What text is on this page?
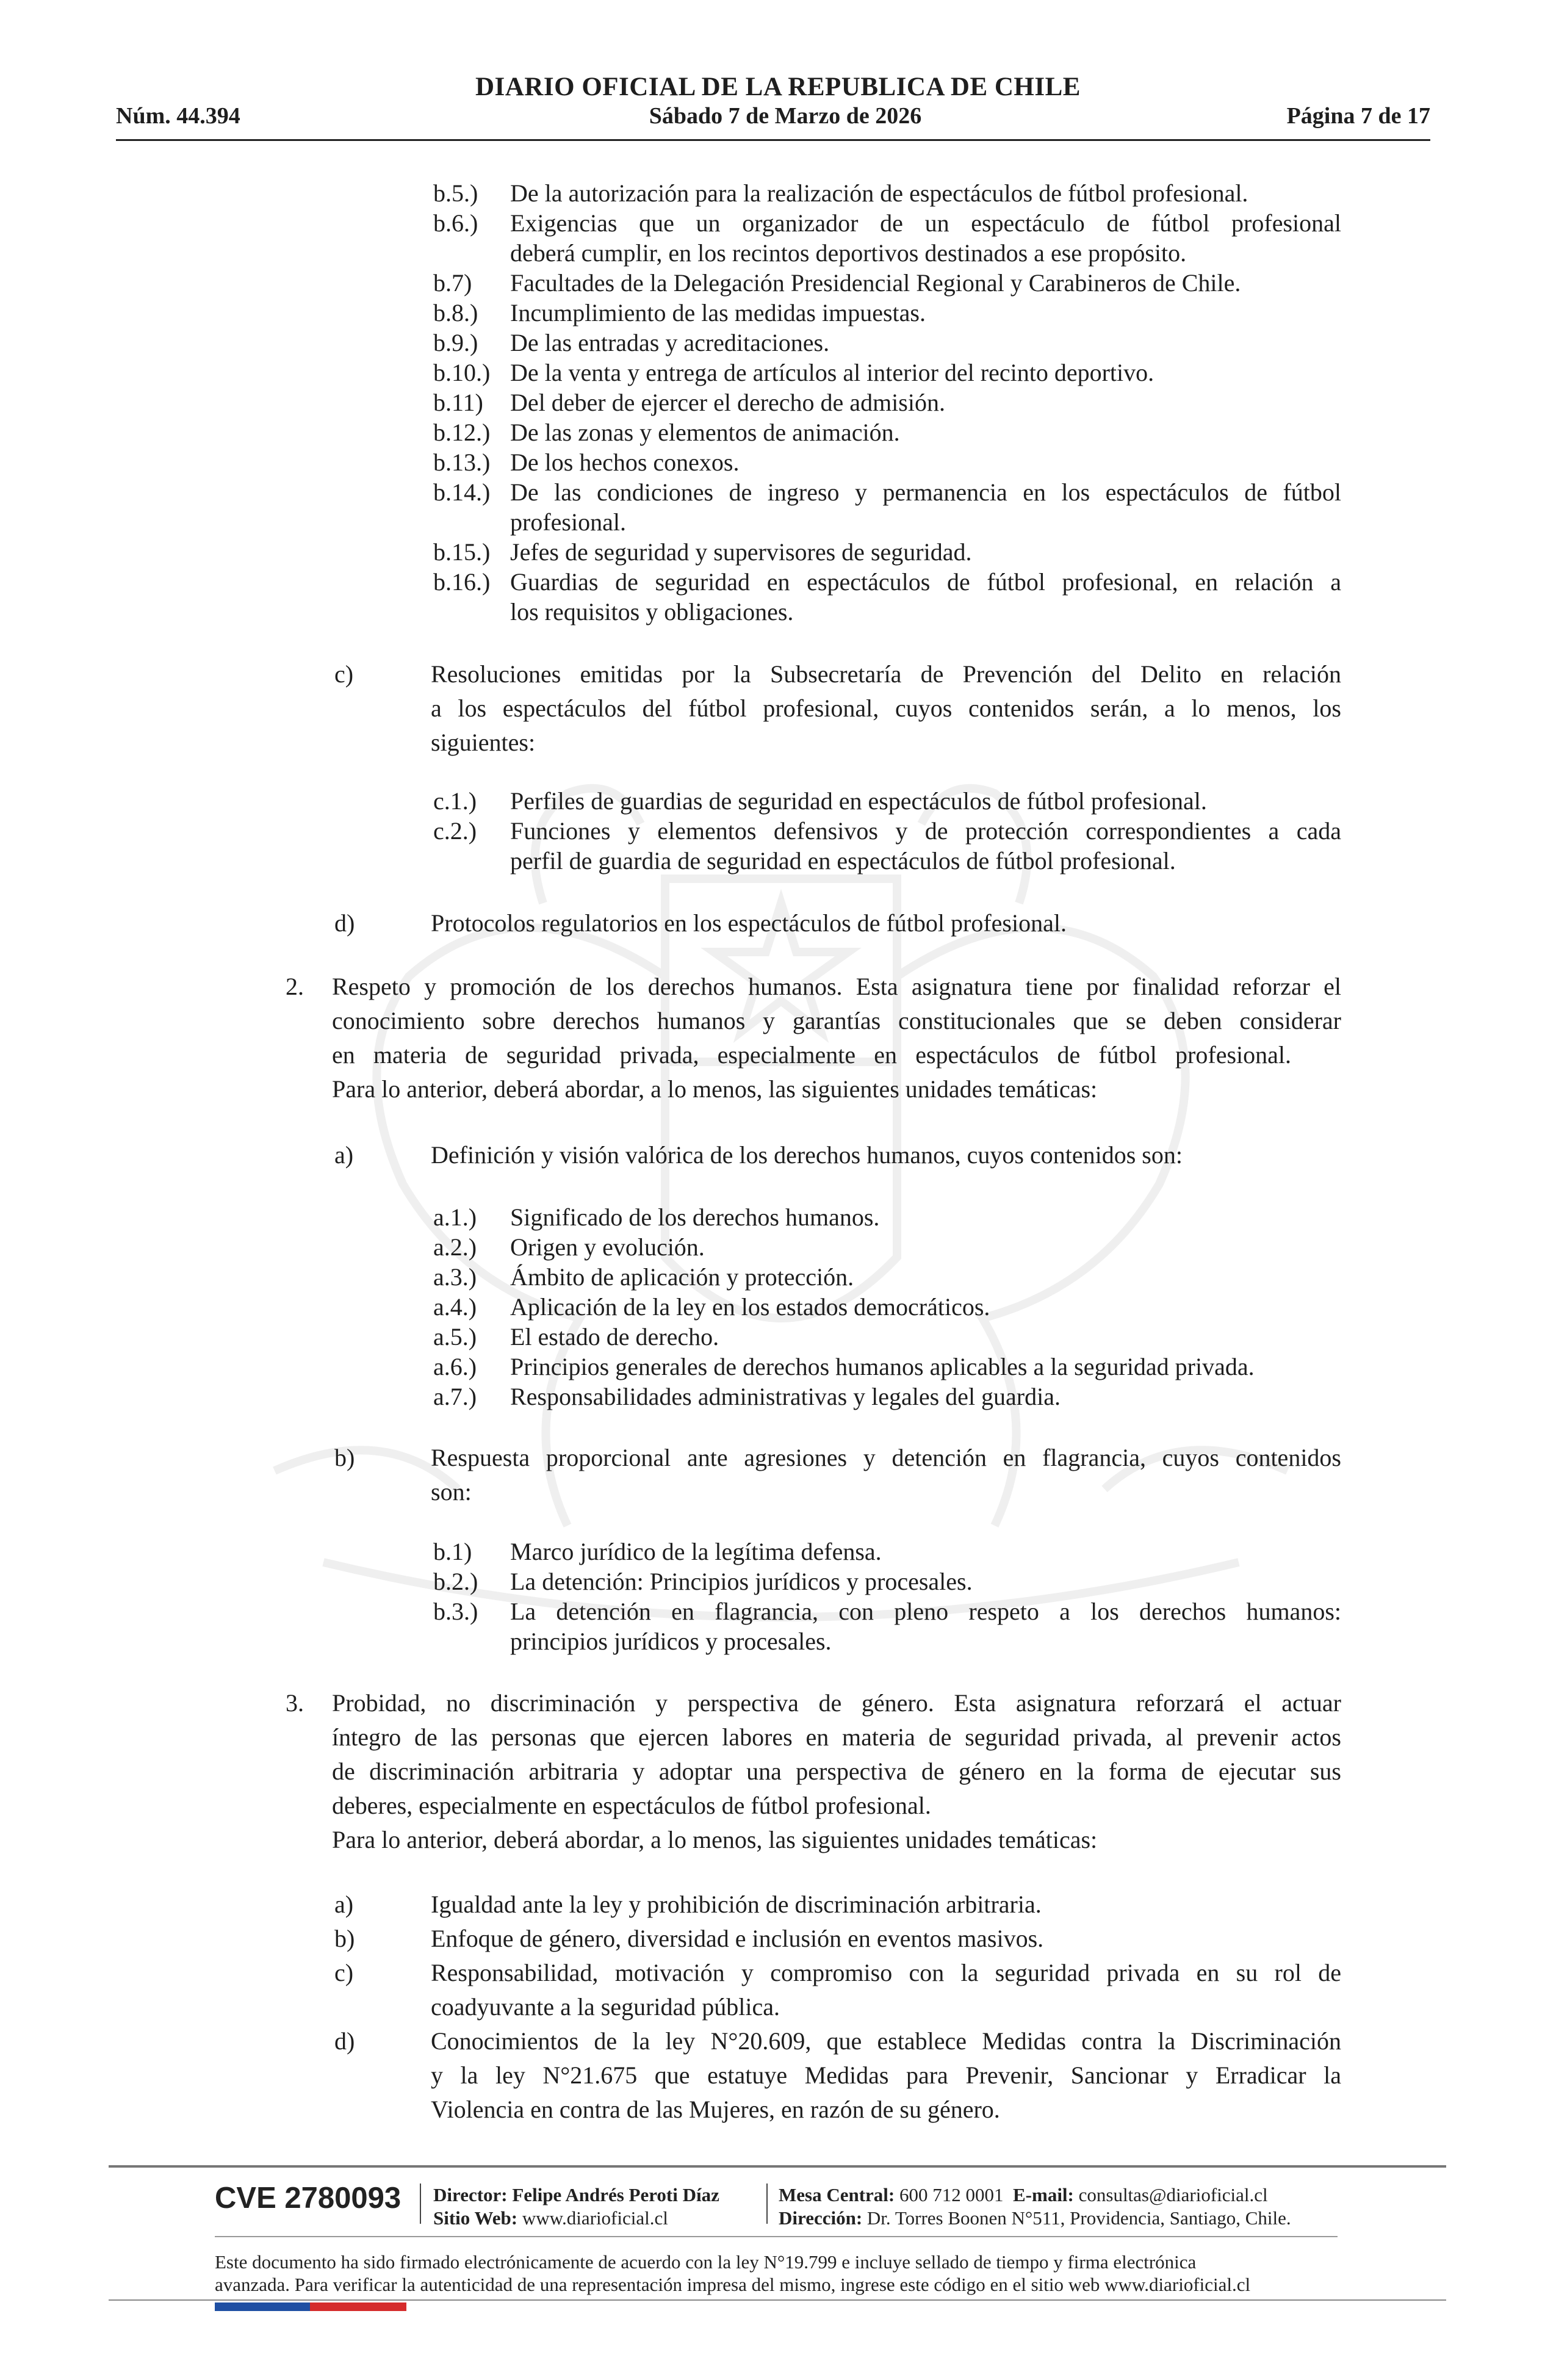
DIARIO OFICIAL DE LA REPUBLICA DE CHILE
Núm. 44.394	Sábado 7 de Marzo de 2026	Página 7 de 17
b.5.) De la autorización para la realización de espectáculos de fútbol profesional.
b.6.) Exigencias que un organizador de un espectáculo de fútbol profesional
deberá cumplir, en los recintos deportivos destinados a ese propósito.
b.7) Facultades de la Delegación Presidencial Regional y Carabineros de Chile.
b.8.) Incumplimiento de las medidas impuestas.
b.9.) De las entradas y acreditaciones.
b.10.) De la venta y entrega de artículos al interior del recinto deportivo.
b.11) Del deber de ejercer el derecho de admisión.
b.12.) De las zonas y elementos de animación.
b.13.) De los hechos conexos.
b.14.) De las condiciones de ingreso y permanencia en los espectáculos de fútbol
profesional.
b.15.) Jefes de seguridad y supervisores de seguridad.
b.16.) Guardias de seguridad en espectáculos de fútbol profesional, en relación a
los requisitos y obligaciones.
c)	Resoluciones emitidas por la Subsecretaría de Prevención del Delito en relación
a los espectáculos del fútbol profesional, cuyos contenidos serán, a lo menos, los
siguientes:
c.1.) Perfiles de guardias de seguridad en espectáculos de fútbol profesional.
c.2.) Funciones y elementos defensivos y de protección correspondientes a cada
perfil de guardia de seguridad en espectáculos de fútbol profesional.
d)	Protocolos regulatorios en los espectáculos de fútbol profesional.
2. Respeto y promoción de los derechos humanos. Esta asignatura tiene por finalidad reforzar el
conocimiento sobre derechos humanos y garantías constitucionales que se deben considerar
en materia de seguridad privada, especialmente en espectáculos de fútbol profesional.
Para lo anterior, deberá abordar, a lo menos, las siguientes unidades temáticas:
a)	Definición y visión valórica de los derechos humanos, cuyos contenidos son:
a.1.) Significado de los derechos humanos.
a.2.) Origen y evolución.
a.3.) Ámbito de aplicación y protección.
a.4.) Aplicación de la ley en los estados democráticos.
a.5.) El estado de derecho.
a.6.) Principios generales de derechos humanos aplicables a la seguridad privada.
a.7.) Responsabilidades administrativas y legales del guardia.
b)	Respuesta proporcional ante agresiones y detención en flagrancia, cuyos contenidos
son:
b.1) Marco jurídico de la legítima defensa.
b.2.) La detención: Principios jurídicos y procesales.
b.3.) La detención en flagrancia, con pleno respeto a los derechos humanos:
principios jurídicos y procesales.
3. Probidad, no discriminación y perspectiva de género. Esta asignatura reforzará el actuar
íntegro de las personas que ejercen labores en materia de seguridad privada, al prevenir actos
de discriminación arbitraria y adoptar una perspectiva de género en la forma de ejecutar sus
deberes, especialmente en espectáculos de fútbol profesional.
Para lo anterior, deberá abordar, a lo menos, las siguientes unidades temáticas:
a)	Igualdad ante la ley y prohibición de discriminación arbitraria.
b)	Enfoque de género, diversidad e inclusión en eventos masivos.
c)	Responsabilidad, motivación y compromiso con la seguridad privada en su rol de
coadyuvante a la seguridad pública.
d)	Conocimientos de la ley N°20.609, que establece Medidas contra la Discriminación
y la ley N°21.675 que estatuye Medidas para Prevenir, Sancionar y Erradicar la
Violencia en contra de las Mujeres, en razón de su género.
CVE 2780093 Director: Felipe Andrés Peroti Díaz
Sitio Web: www.diarioficial.cl
Mesa Central: 600 712 0001 E-mail: consultas@diarioficial.cl
Dirección: Dr. Torres Boonen N°511, Providencia, Santiago, Chile.
Este documento ha sido firmado electrónicamente de acuerdo con la ley N°19.799 e incluye sellado de tiempo y firma electrónica
avanzada. Para verificar la autenticidad de una representación impresa del mismo, ingrese este código en el sitio web www.diarioficial.cl
